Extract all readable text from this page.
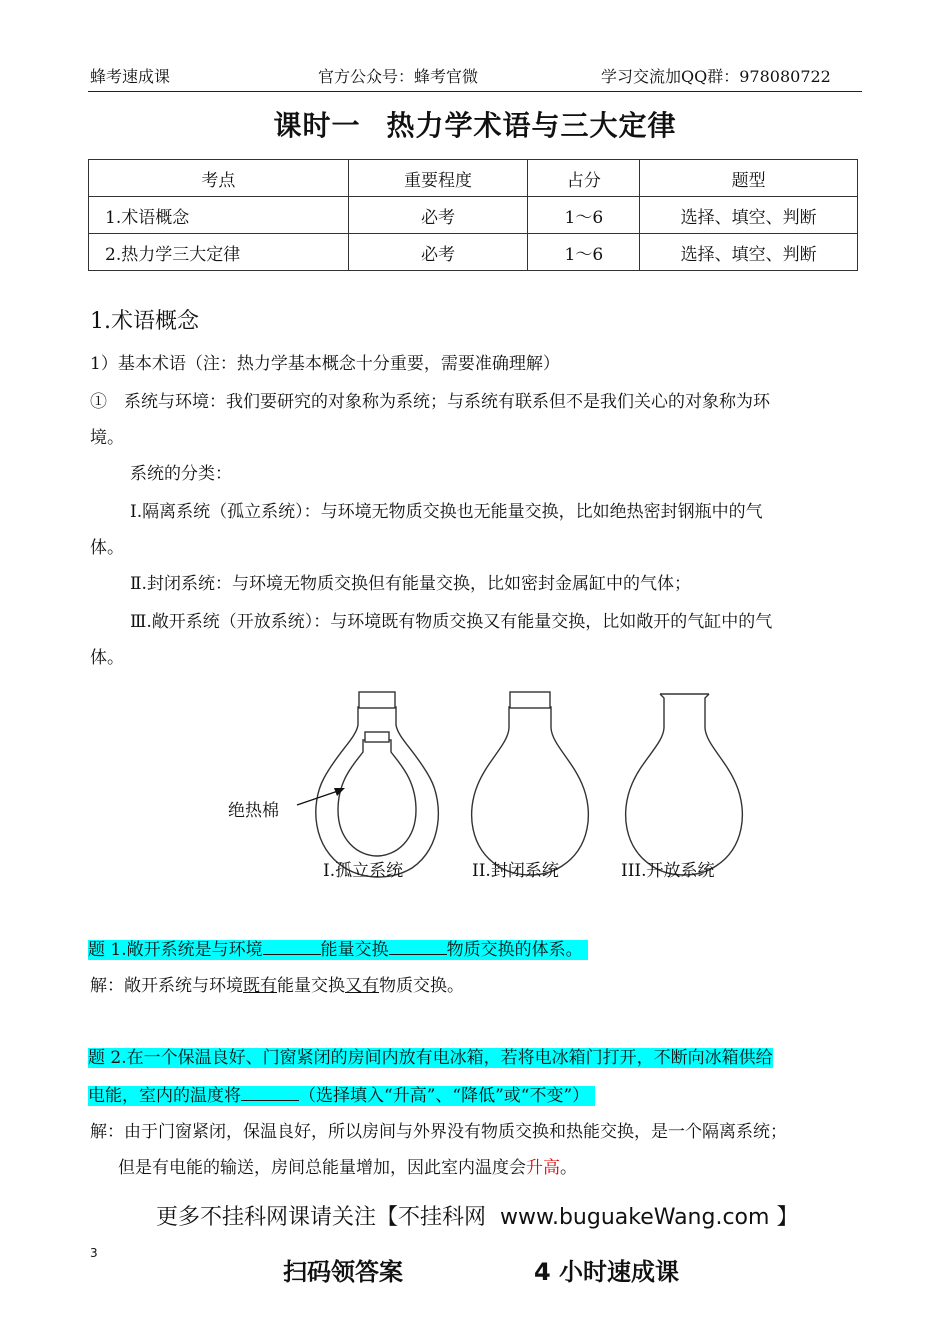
蜂考速成课	官方公众号：蜂考官微	学习交流加QQ群：978080722
课时一 热力学术语与三大定律
考点	重要程度	占分	题型
1.术语概念	必考	1～6	选择、填空、判断
2.热力学三大定律	必考	1～6	选择、填空、判断
1.术语概念
1）基本术语（注：热力学基本概念十分重要，需要准确理解）
①　系统与环境：我们要研究的对象称为系统；与系统有联系但不是我们关心的对象称为环
境。
系统的分类：
Ⅰ.隔离系统（孤立系统）：与环境无物质交换也无能量交换，比如绝热密封钢瓶中的气
体。
Ⅱ.封闭系统：与环境无物质交换但有能量交换，比如密封金属缸中的气体；
Ⅲ.敞开系统（开放系统）：与环境既有物质交换又有能量交换，比如敞开的气缸中的气
体。
绝热棉
I.孤立系统	II.封闭系统	III.开放系统
题 1.敞开系统是与环境	能量交换	物质交换的体系。
解：敞开系统与环境既有能量交换又有物质交换。
题 2.在一个保温良好、门窗紧闭的房间内放有电冰箱，若将电冰箱门打开，不断向冰箱供给
电能，室内的温度将	（选择填入“升高”、“降低”或“不变”）
解：由于门窗紧闭，保温良好，所以房间与外界没有物质交换和热能交换，是一个隔离系统；
但是有电能的输送，房间总能量增加，因此室内温度会升高。
更多不挂科网课请关注【不挂科网  www.buguakeWang.com 】
3
扫码领答案	4 小时速成课
